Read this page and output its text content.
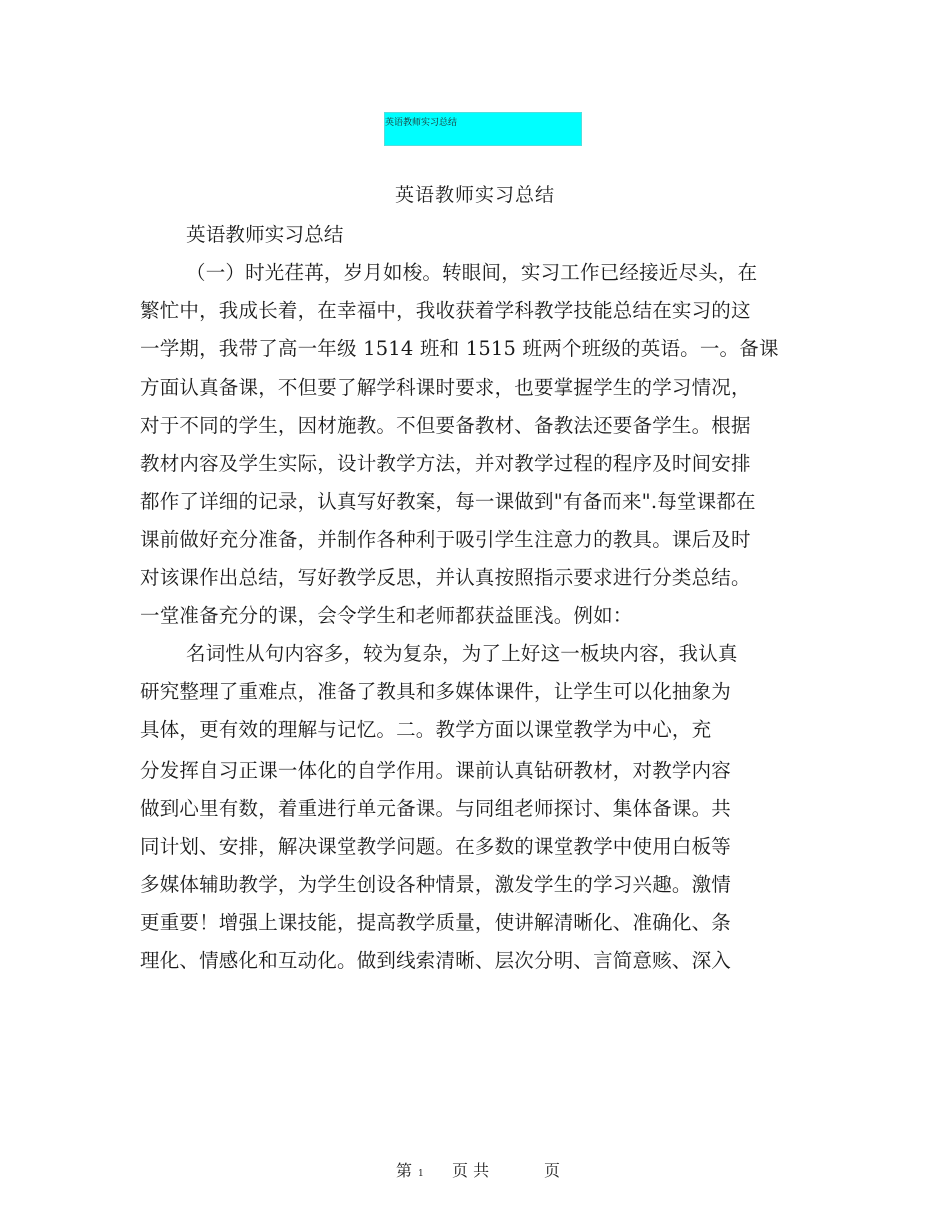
英语教师实习总结
英语教师实习总结
英语教师实习总结
（一）时光荏苒，岁月如梭。转眼间，实习工作已经接近尽头，在
繁忙中，我成长着，在幸福中，我收获着学科教学技能总结在实习的这
一学期，我带了高一年级 1514 班和 1515 班两个班级的英语。一。备课
方面认真备课，不但要了解学科课时要求，也要掌握学生的学习情况，
对于不同的学生，因材施教。不但要备教材、备教法还要备学生。根据
教材内容及学生实际，设计教学方法，并对教学过程的程序及时间安排
都作了详细的记录，认真写好教案，每一课做到"有备而来".每堂课都在
课前做好充分准备，并制作各种利于吸引学生注意力的教具。课后及时
对该课作出总结，写好教学反思，并认真按照指示要求进行分类总结。
一堂准备充分的课，会令学生和老师都获益匪浅。例如：
名词性从句内容多，较为复杂，为了上好这一板块内容，我认真
研究整理了重难点，准备了教具和多媒体课件，让学生可以化抽象为
具体，更有效的理解与记忆。二。教学方面以课堂教学为中心，充
分发挥自习正课一体化的自学作用。课前认真钻研教材，对教学内容
做到心里有数，着重进行单元备课。与同组老师探讨、集体备课。共
同计划、安排，解决课堂教学问题。在多数的课堂教学中使用白板等
多媒体辅助教学，为学生创设各种情景，激发学生的学习兴趣。激情
更重要！增强上课技能，提高教学质量，使讲解清晰化、准确化、条
理化、情感化和互动化。做到线索清晰、层次分明、言简意赅、深入
第 1 页 共	页
